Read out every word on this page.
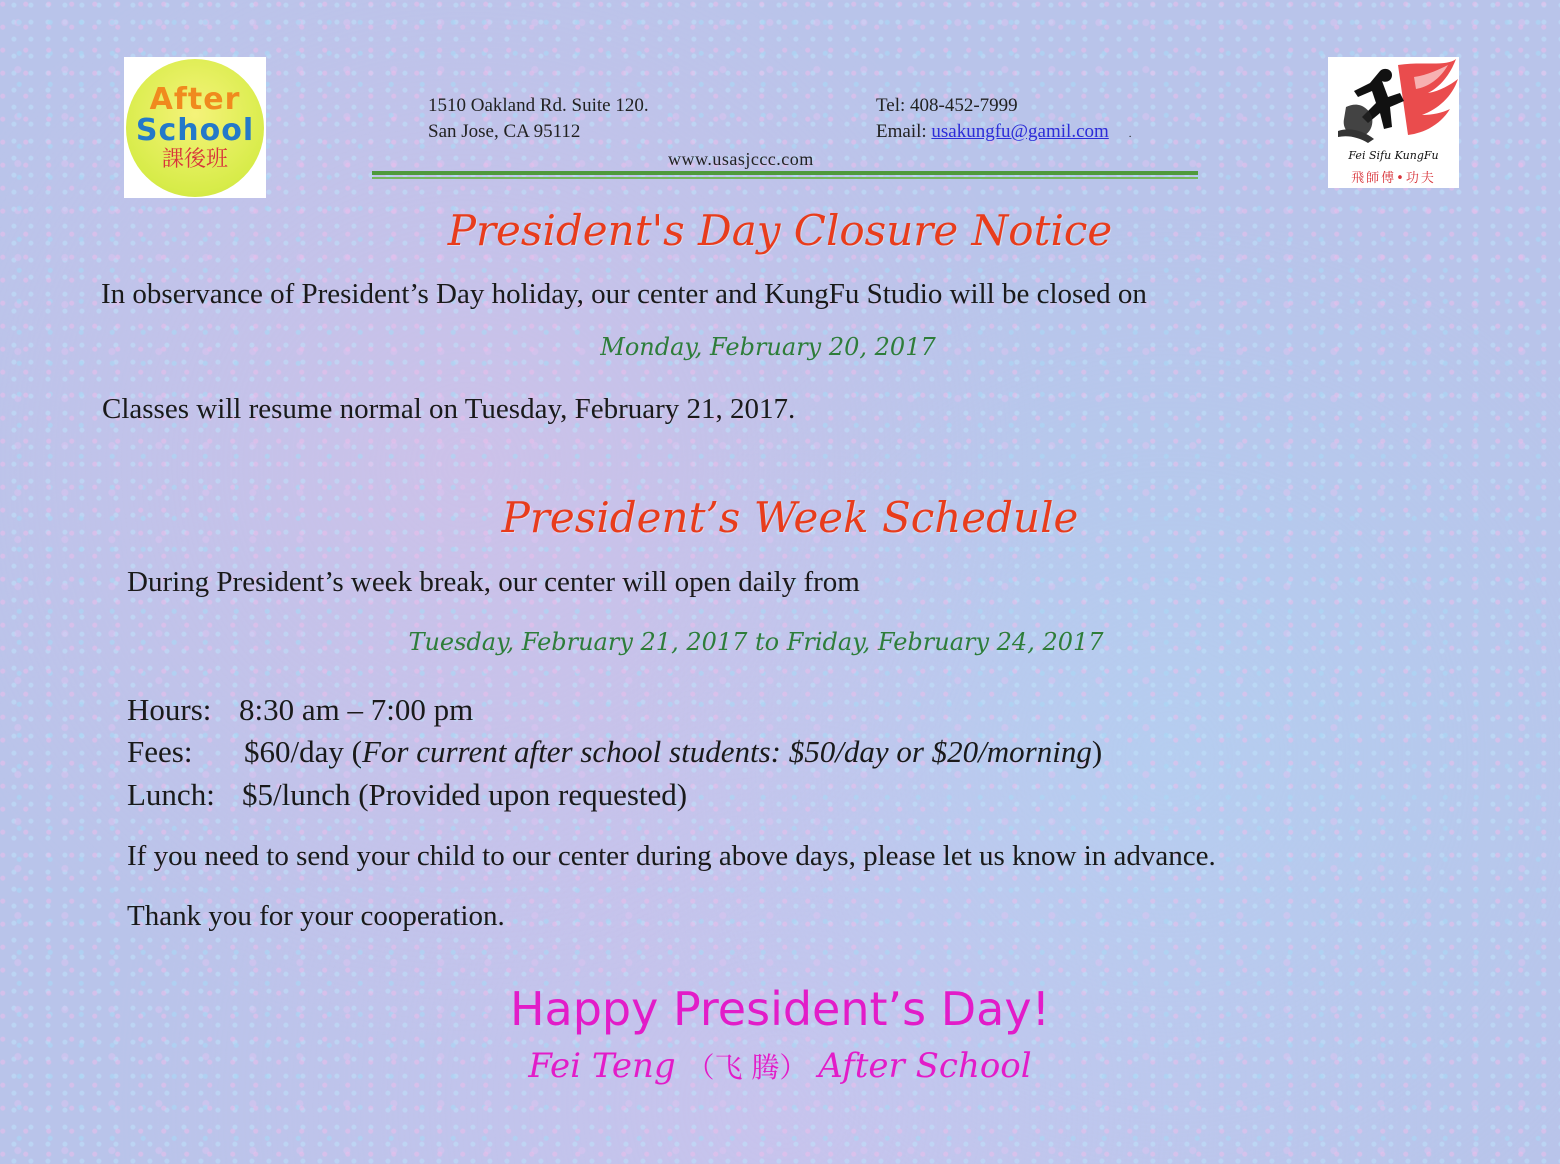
After
School
課後班
1510 Oakland Rd. Suite 120.
San Jose, CA 95112
Tel: 408-452-7999
Email: usakungfu@gamil.com .
www.usasjccc.com	Fei Sifu KungFu
飛師傅•功夫
President's Day Closure Notice
In observance of President’s Day holiday, our center and KungFu Studio will be closed on
Monday, February 20, 2017
Classes will resume normal on Tuesday, February 21, 2017.
President’s Week Schedule
During President’s week break, our center will open daily from
Tuesday, February 21, 2017 to Friday, February 24, 2017
Hours: 8:30 am – 7:00 pm
Fees: $60/day (For current after school students: $50/day or $20/morning)
Lunch: $5/lunch (Provided upon requested)
If you need to send your child to our center during above days, please let us know in advance.
Thank you for your cooperation.
Happy President’s Day!
Fei Teng （飞 腾） After School
